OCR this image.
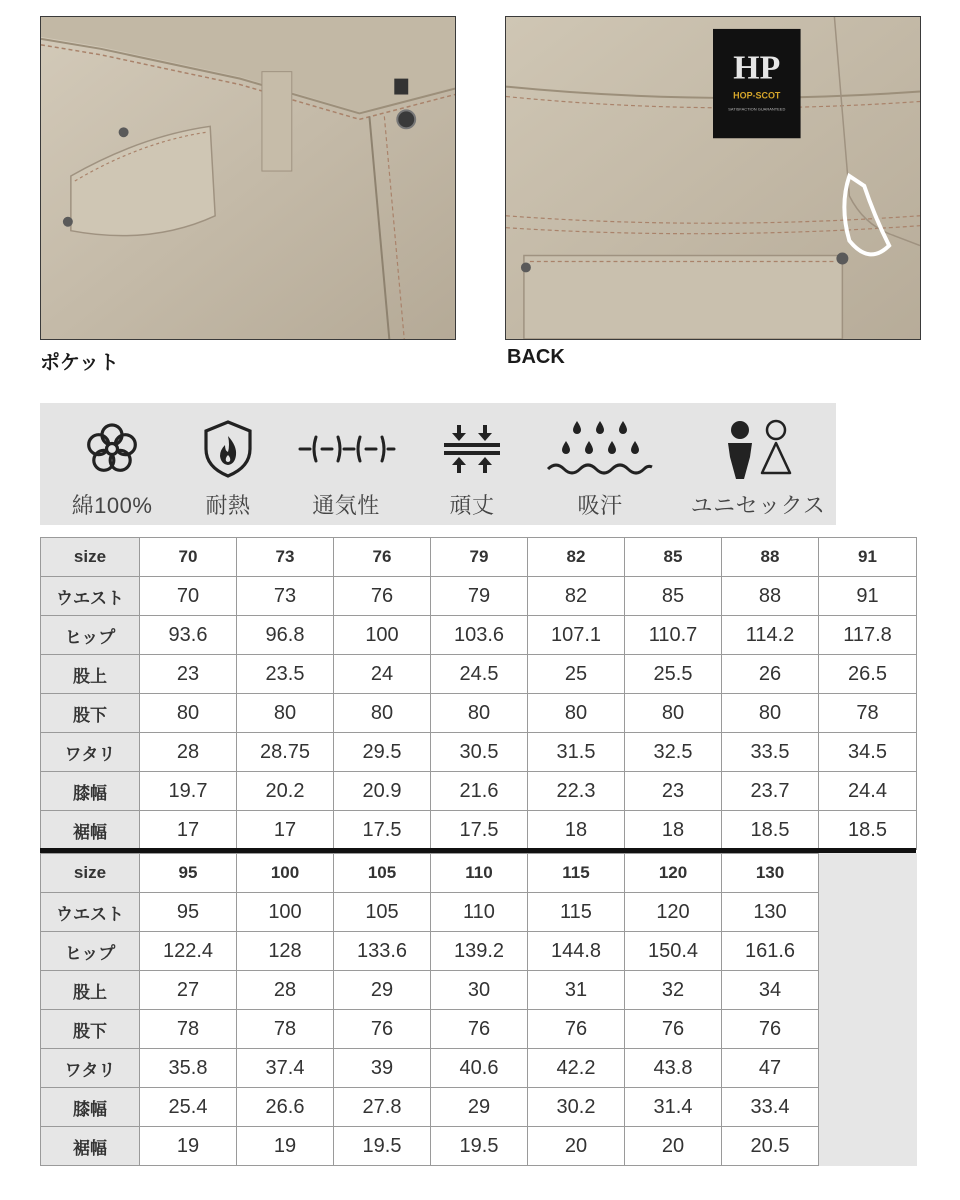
ポケット
HP
HOP-SCOT
SATISFACTION GUARANTEED
BACK
綿100%	耐熱	通気性	頑丈	吸汗	ユニセックス
size	70	73	76	79	82	85	88	91
ウエスト	70	73	76	79	82	85	88	91
ヒップ	93.6	96.8	100	103.6	107.1	110.7	114.2	117.8
股上	23	23.5	24	24.5	25	25.5	26	26.5
股下	80	80	80	80	80	80	80	78
ワタリ	28	28.75	29.5	30.5	31.5	32.5	33.5	34.5
膝幅	19.7	20.2	20.9	21.6	22.3	23	23.7	24.4
裾幅	17	17	17.5	17.5	18	18	18.5	18.5
size	95	100	105	110	115	120	130	
ウエスト	95	100	105	110	115	120	130	
ヒップ	122.4	128	133.6	139.2	144.8	150.4	161.6	
股上	27	28	29	30	31	32	34	
股下	78	78	76	76	76	76	76	
ワタリ	35.8	37.4	39	40.6	42.2	43.8	47	
膝幅	25.4	26.6	27.8	29	30.2	31.4	33.4	
裾幅	19	19	19.5	19.5	20	20	20.5	
